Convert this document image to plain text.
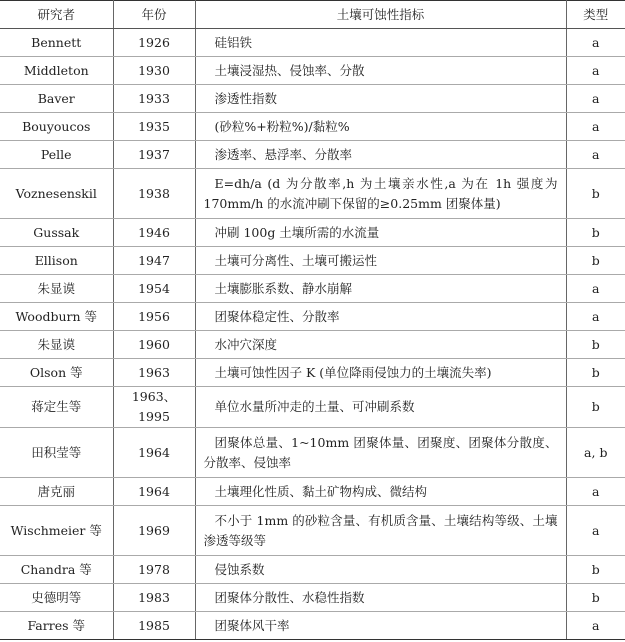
研究者	年份	土壤可蚀性指标	类型
Bennett	1926	硅铝铁	a
Middleton	1930	土壤浸湿热、侵蚀率、分散	a
Baver	1933	渗透性指数	a
Bouyoucos	1935	(砂粒%+粉粒%)/黏粒%	a
Pelle	1937	渗透率、悬浮率、分散率	a
Voznesenskil	1938	E=dh/a (d 为分散率,h 为土壤亲水性,a 为在 1h 强度为 170mm/h 的水流冲刷下保留的≥0.25mm 团聚体量)	b
Gussak	1946	冲刷 100g 土壤所需的水流量	b
Ellison	1947	土壤可分离性、土壤可搬运性	b
朱显谟	1954	土壤膨胀系数、静水崩解	a
Woodburn 等	1956	团聚体稳定性、分散率	a
朱显谟	1960	水冲穴深度	b
Olson 等	1963	土壤可蚀性因子 K (单位降雨侵蚀力的土壤流失率)	b
蒋定生等	1963、1995	单位水量所冲走的土量、可冲刷系数	b
田积莹等	1964	团聚体总量、1~10mm 团聚体量、团聚度、团聚体分散度、分散率、侵蚀率	a, b
唐克丽	1964	土壤理化性质、黏土矿物构成、微结构	a
Wischmeier 等	1969	不小于 1mm 的砂粒含量、有机质含量、土壤结构等级、土壤渗透等级等	a
Chandra 等	1978	侵蚀系数	b
史德明等	1983	团聚体分散性、水稳性指数	b
Farres 等	1985	团聚体风干率	a
